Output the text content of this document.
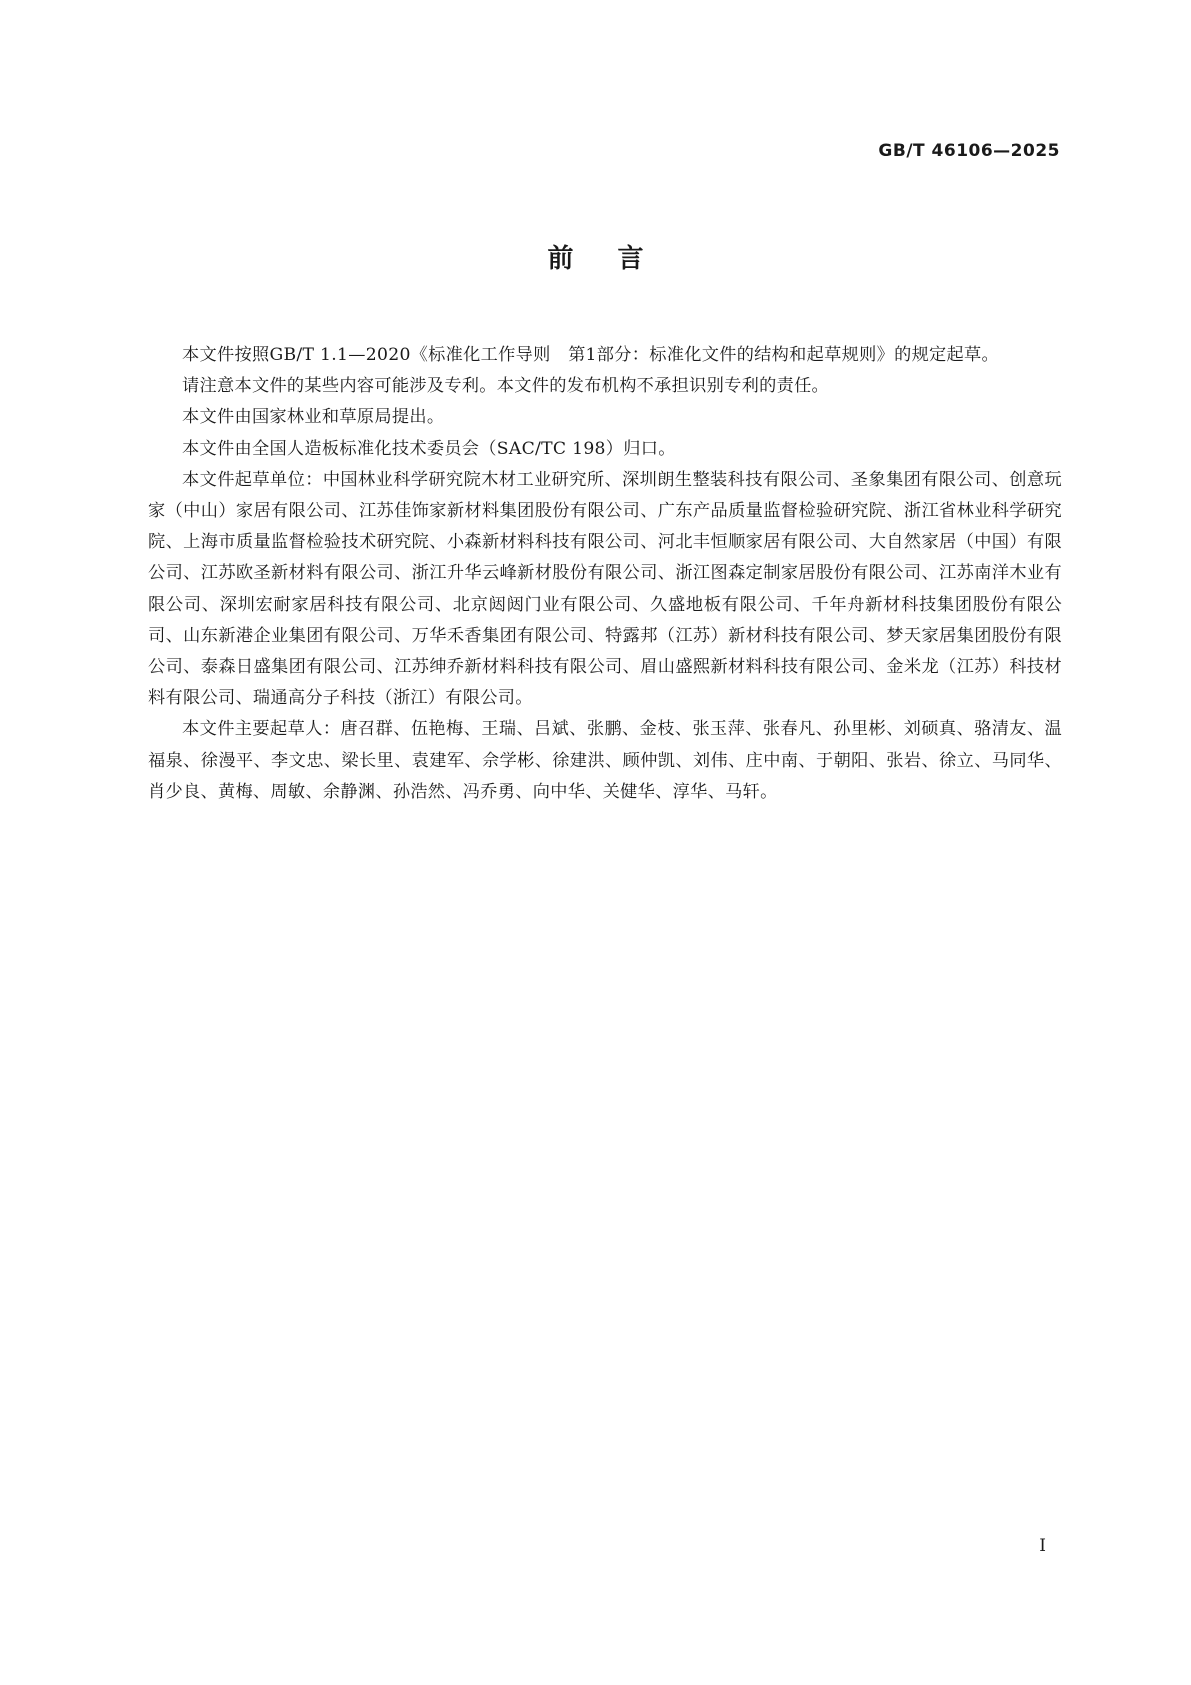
GB/T 46106—2025
前言

本文件按照GB/T 1.1—2020《标准化工作导则　第1部分：标准化文件的结构和起草规则》的规定起草。

请注意本文件的某些内容可能涉及专利。本文件的发布机构不承担识别专利的责任。

本文件由国家林业和草原局提出。

本文件由全国人造板标准化技术委员会（SAC/TC 198）归口。

本文件起草单位：中国林业科学研究院木材工业研究所、深圳朗生整装科技有限公司、圣象集团有限公司、创意玩家（中山）家居有限公司、江苏佳饰家新材料集团股份有限公司、广东产品质量监督检验研究院、浙江省林业科学研究院、上海市质量监督检验技术研究院、小森新材料科技有限公司、河北丰恒顺家居有限公司、大自然家居（中国）有限公司、江苏欧圣新材料有限公司、浙江升华云峰新材股份有限公司、浙江图森定制家居股份有限公司、江苏南洋木业有限公司、深圳宏耐家居科技有限公司、北京闼闼门业有限公司、久盛地板有限公司、千年舟新材科技集团股份有限公司、山东新港企业集团有限公司、万华禾香集团有限公司、特露邦（江苏）新材科技有限公司、梦天家居集团股份有限公司、泰森日盛集团有限公司、江苏绅乔新材料科技有限公司、眉山盛熙新材料科技有限公司、金米龙（江苏）科技材料有限公司、瑞通高分子科技（浙江）有限公司。

本文件主要起草人：唐召群、伍艳梅、王瑞、吕斌、张鹏、金枝、张玉萍、张春凡、孙里彬、刘硕真、骆清友、温福泉、徐漫平、李文忠、梁长里、袁建军、佘学彬、徐建洪、顾仲凯、刘伟、庄中南、于朝阳、张岩、徐立、马同华、肖少良、黄梅、周敏、余静渊、孙浩然、冯乔勇、向中华、关健华、淳华、马轩。

I
